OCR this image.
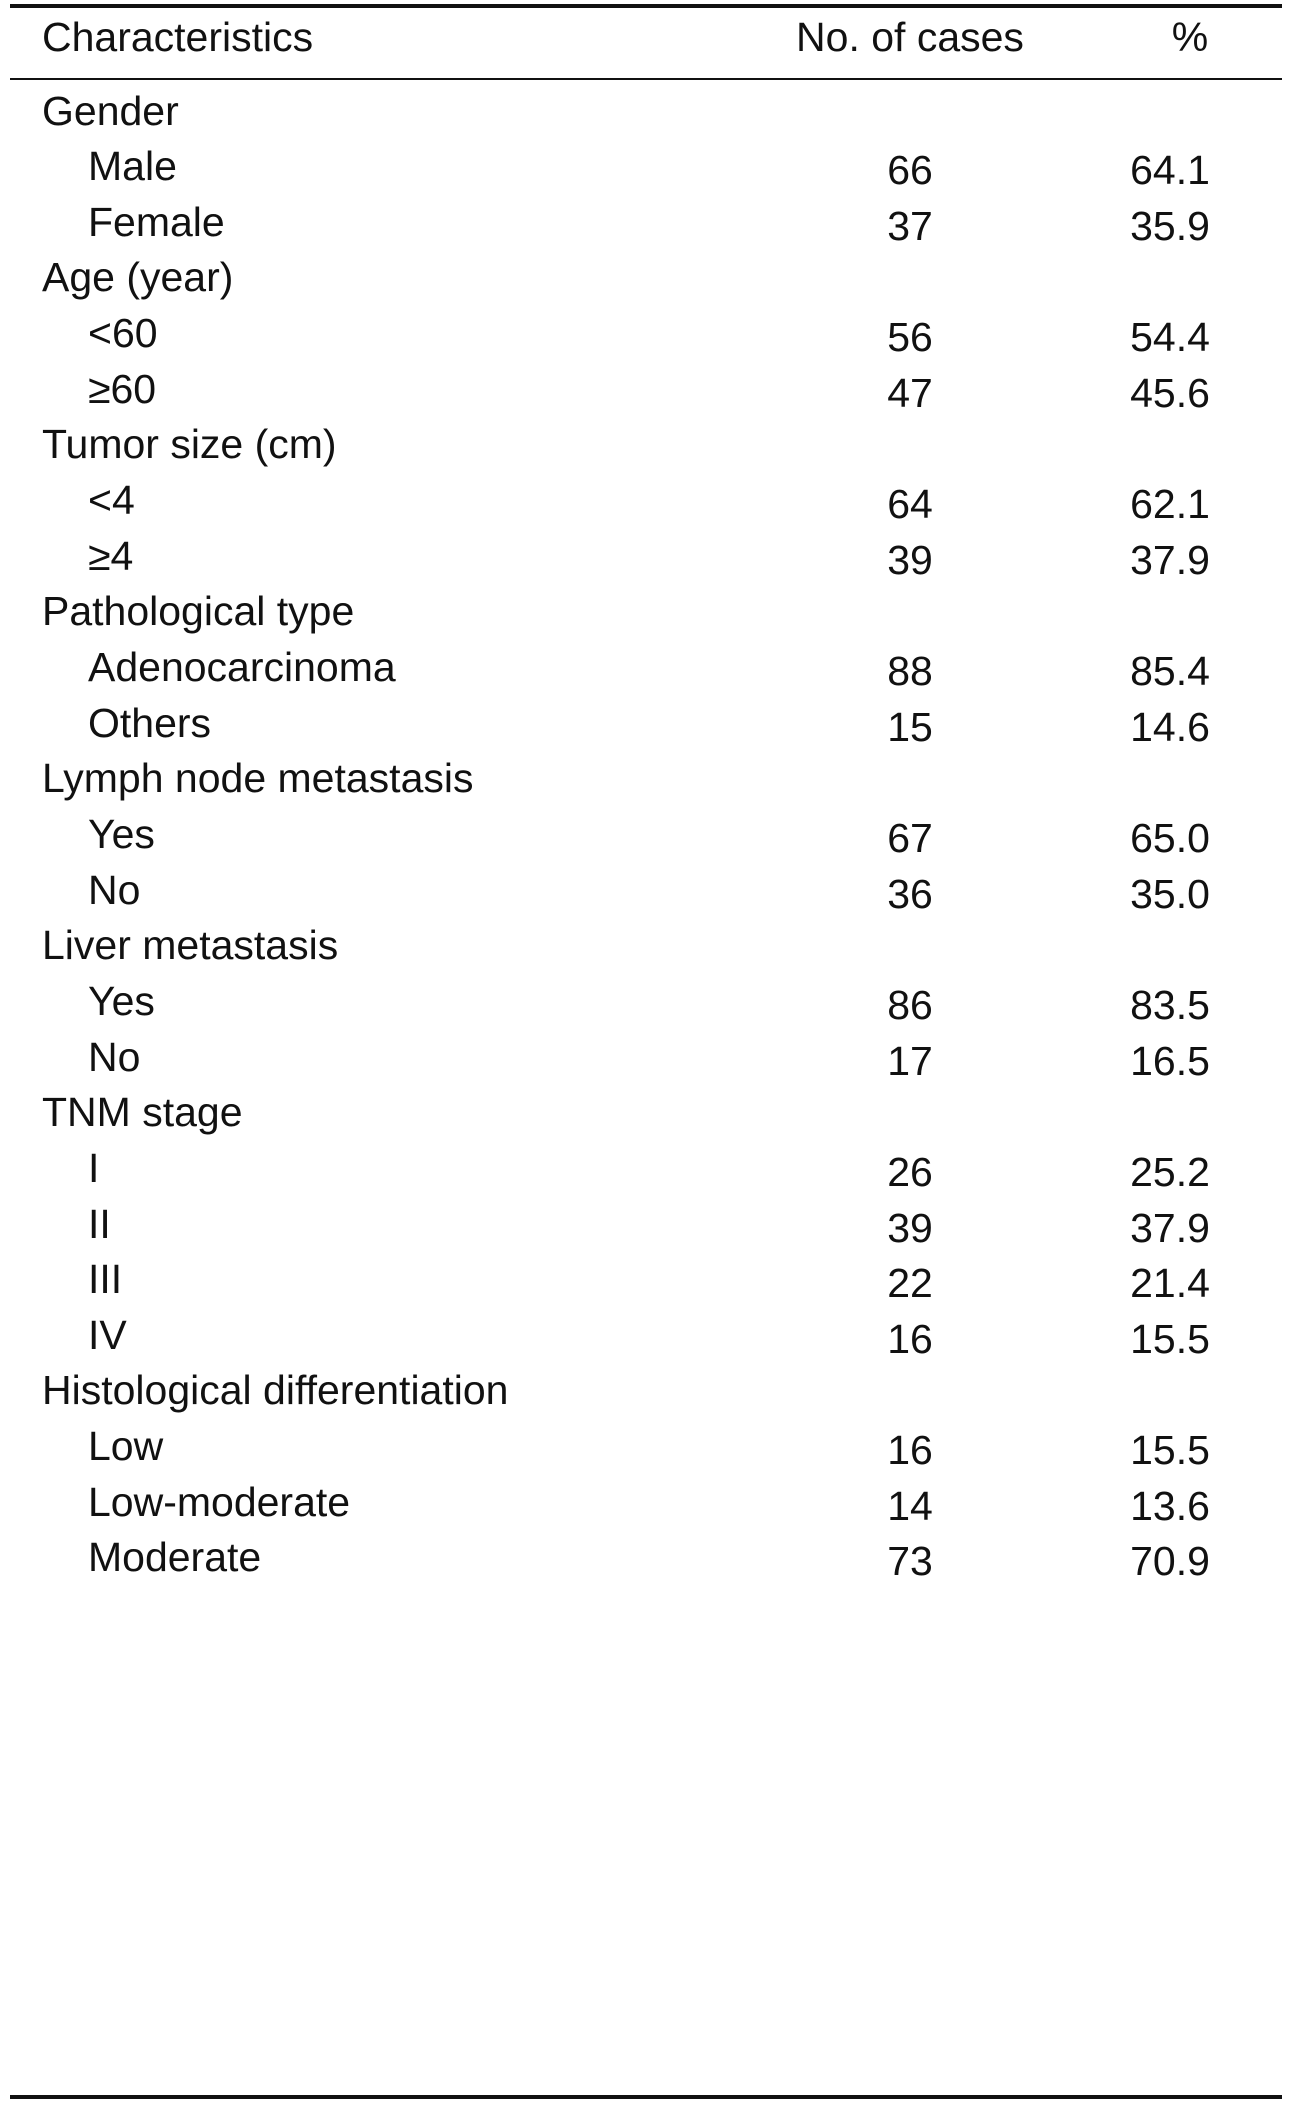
Characteristics	No. of cases	%
Gender
Male	66	64.1
Female	37	35.9
Age (year)
<60	56	54.4
≥60	47	45.6
Tumor size (cm)
<4	64	62.1
≥4	39	37.9
Pathological type
Adenocarcinoma	88	85.4
Others	15	14.6
Lymph node metastasis
Yes	67	65.0
No	36	35.0
Liver metastasis
Yes	86	83.5
No	17	16.5
TNM stage
I	26	25.2
II	39	37.9
III	22	21.4
IV	16	15.5
Histological differentiation
Low	16	15.5
Low-moderate	14	13.6
Moderate	73	70.9
